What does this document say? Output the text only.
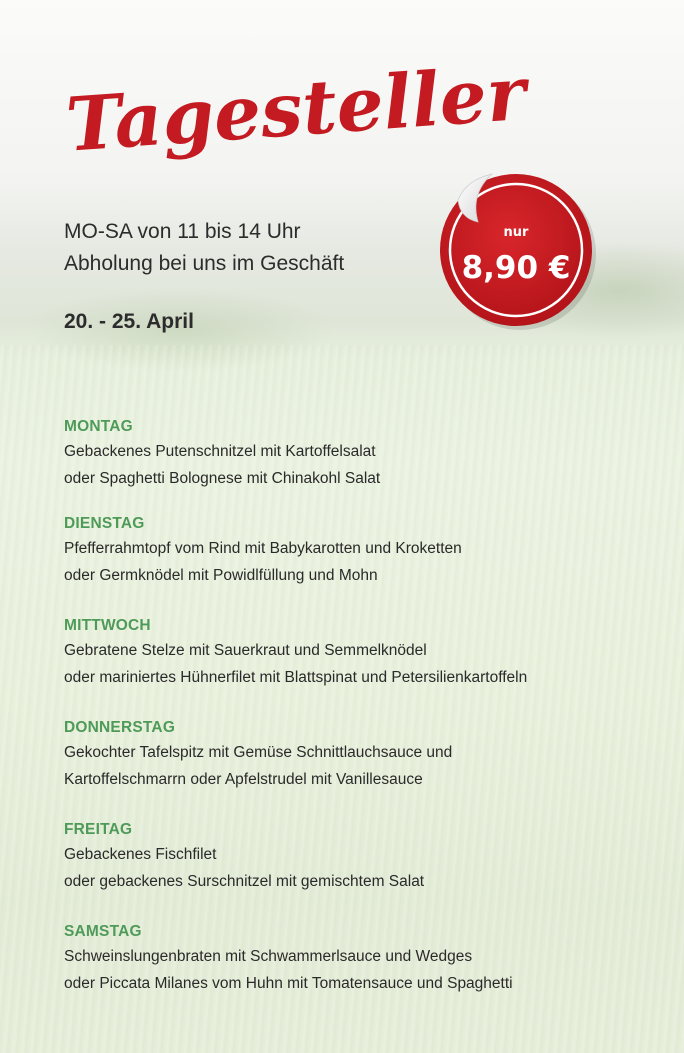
Tagesteller
MO-SA von 11 bis 14 Uhr
Abholung bei uns im Geschäft
20. - 25. April
nur
8,90 €
MONTAG
Gebackenes Putenschnitzel mit Kartoffelsalat
oder Spaghetti Bolognese mit Chinakohl Salat
DIENSTAG
Pfefferrahmtopf vom Rind mit Babykarotten und Kroketten
oder Germknödel mit Powidlfüllung und Mohn
MITTWOCH
Gebratene Stelze mit Sauerkraut und Semmelknödel
oder mariniertes Hühnerfilet mit Blattspinat und Petersilienkartoffeln
DONNERSTAG
Gekochter Tafelspitz mit Gemüse Schnittlauchsauce und
Kartoffelschmarrn oder Apfelstrudel mit Vanillesauce
FREITAG
Gebackenes Fischfilet
oder gebackenes Surschnitzel mit gemischtem Salat
SAMSTAG
Schweinslungenbraten mit Schwammerlsauce und Wedges
oder Piccata Milanes vom Huhn mit Tomatensauce und Spaghetti
